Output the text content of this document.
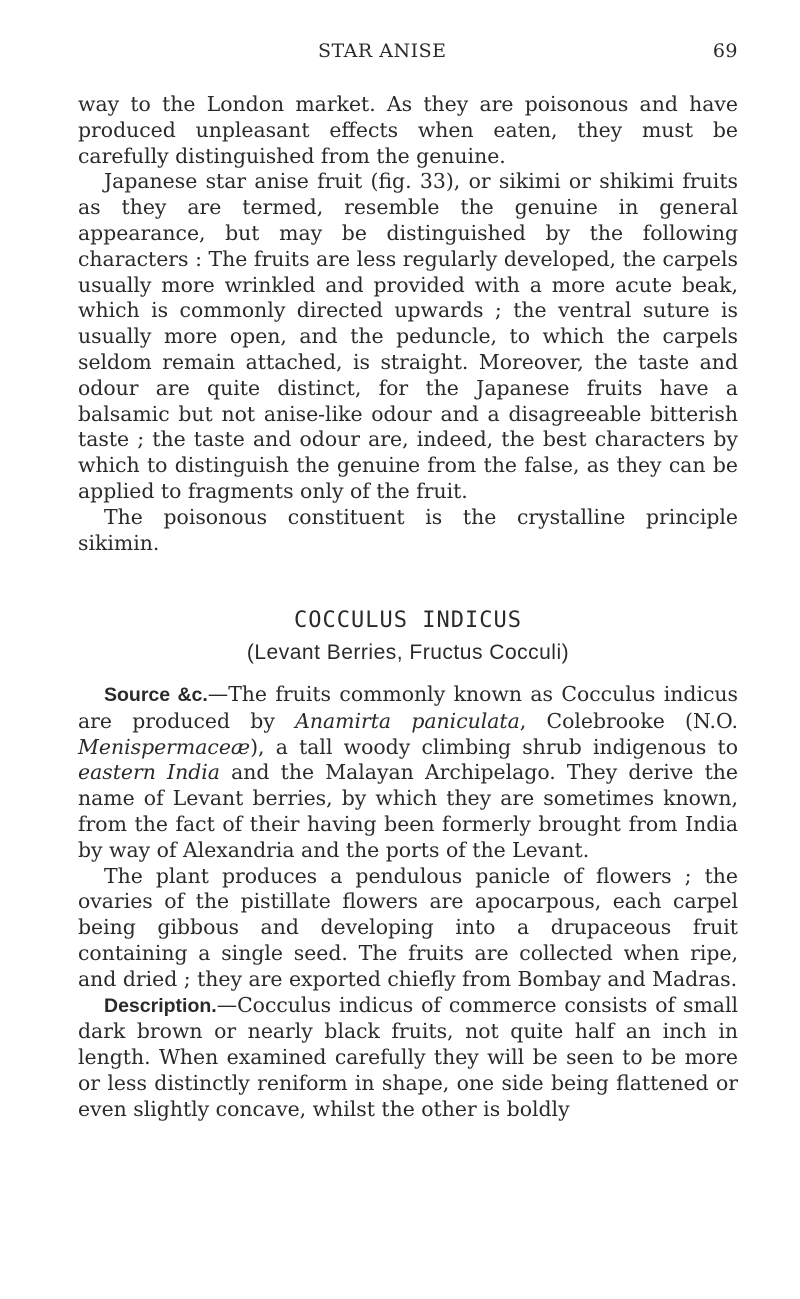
STAR ANISE	69

way to the London market. As they are poisonous and have produced unpleasant effects when eaten, they must be carefully distinguished from the genuine.

Japanese star anise fruit (fig. 33), or sikimi or shikimi fruits as they are termed, resemble the genuine in general appearance, but may be distinguished by the following characters : The fruits are less regularly developed, the carpels usually more wrinkled and provided with a more acute beak, which is commonly directed upwards ; the ventral suture is usually more open, and the peduncle, to which the carpels seldom remain attached, is straight. Moreover, the taste and odour are quite distinct, for the Japanese fruits have a balsamic but not anise-like odour and a disagreeable bitterish taste ; the taste and odour are, indeed, the best characters by which to distinguish the genuine from the false, as they can be applied to fragments only of the fruit.

The poisonous constituent is the crystalline principle sikimin.

COCCULUS INDICUS
(Levant Berries, Fructus Cocculi)

Source &c.—The fruits commonly known as Cocculus indicus are produced by Anamirta paniculata, Colebrooke (N.O. Menispermaceæ), a tall woody climbing shrub indigenous to eastern India and the Malayan Archipelago. They derive the name of Levant berries, by which they are sometimes known, from the fact of their having been formerly brought from India by way of Alexandria and the ports of the Levant.

The plant produces a pendulous panicle of flowers ; the ovaries of the pistillate flowers are apocarpous, each carpel being gibbous and developing into a drupaceous fruit containing a single seed. The fruits are collected when ripe, and dried ; they are exported chiefly from Bombay and Madras.

Description.—Cocculus indicus of commerce consists of small dark brown or nearly black fruits, not quite half an inch in length. When examined carefully they will be seen to be more or less distinctly reniform in shape, one side being flattened or even slightly concave, whilst the other is boldly
